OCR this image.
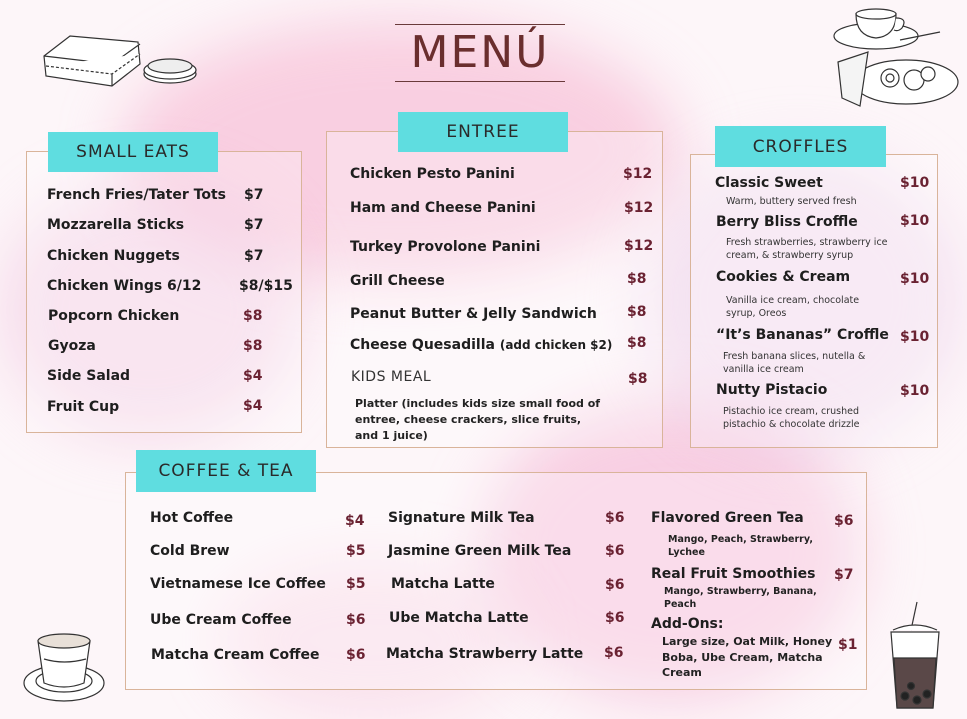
MENÚ
SMALL EATS
French Fries/Tater Tots $7
Mozzarella Sticks	$7
Chicken Nuggets	$7
Chicken Wings 6/12	$8/$15
Popcorn Chicken	$8
Gyoza	$8
Side Salad	$4
Fruit Cup	$4
ENTREE
Chicken Pesto Panini	$12
Ham and Cheese Panini	$12
Turkey Provolone Panini	$12
Grill Cheese	$8
Peanut Butter & Jelly Sandwich $8
Cheese Quesadilla (add chicken $2) $8
KIDS MEAL	$8
Platter (includes kids size small food of
entree, cheese crackers, slice fruits,
and 1 juice)
CROFFLES
Classic Sweet	$10
Warm, buttery served fresh
Berry Bliss Croffle	$10
Fresh strawberries, strawberry ice
cream, & strawberry syrup
Cookies & Cream	$10
Vanilla ice cream, chocolate
syrup, Oreos
“It’s Bananas” Croffle $10
Fresh banana slices, nutella &
vanilla ice cream
Nutty Pistacio	$10
Pistachio ice cream, crushed
pistachio & chocolate drizzle
COFFEE & TEA
Hot Coffee	$4
Cold Brew	$5
Vietnamese Ice Coffee $5
Ube Cream Coffee	$6
Matcha Cream Coffee $6
Signature Milk Tea	$6
Jasmine Green Milk Tea $6
Matcha Latte	$6
Ube Matcha Latte	$6
Matcha Strawberry Latte $6
Flavored Green Tea $6
Mango, Peach, Strawberry,
Lychee
Real Fruit Smoothies $7
Mango, Strawberry, Banana,
Peach
Add-Ons:
$1
Large size, Oat Milk, Honey
Boba, Ube Cream, Matcha
Cream
